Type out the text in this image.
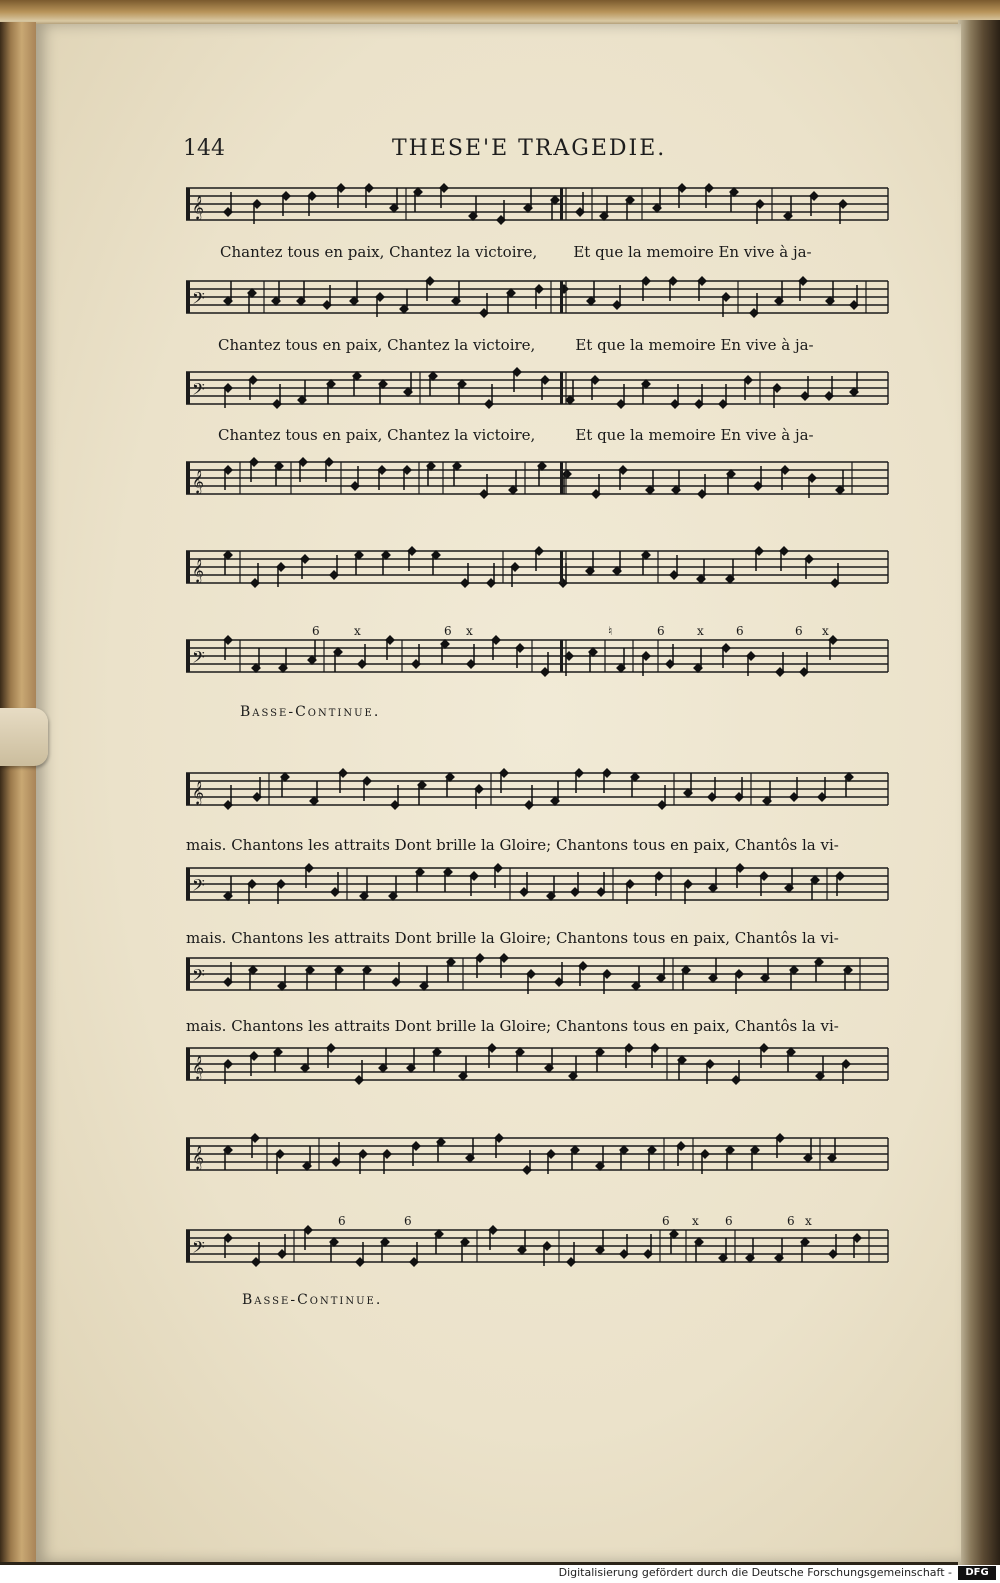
144	THESE'E TRAGEDIE.
𝄞
Chantez tous en paix, Chantez la victoire, Et que la memoire En vive à ja-
𝄢
Chantez tous en paix, Chantez la victoire,	Et que la memoire En vive à ja-
𝄢
Chantez tous en paix, Chantez la victoire,	Et que la memoire En vive à ja-
𝄞
𝄞
𝄢
6	x	6 x	♮	6	x	6	6 x
Basse-Continue.
𝄞
mais. Chantons les attraits Dont brille la Gloire; Chantons tous en paix, Chantôs la vi-
𝄢
mais. Chantons les attraits Dont brille la Gloire; Chantons tous en paix, Chantôs la vi-
𝄢
mais. Chantons les attraits Dont brille la Gloire; Chantons tous en paix, Chantôs la vi-
𝄞
𝄞
𝄢
6	6	6 x 6	6 x
Basse-Continue.
Digitalisierung gefördert durch die Deutsche Forschungsgemeinschaft -	DFG
